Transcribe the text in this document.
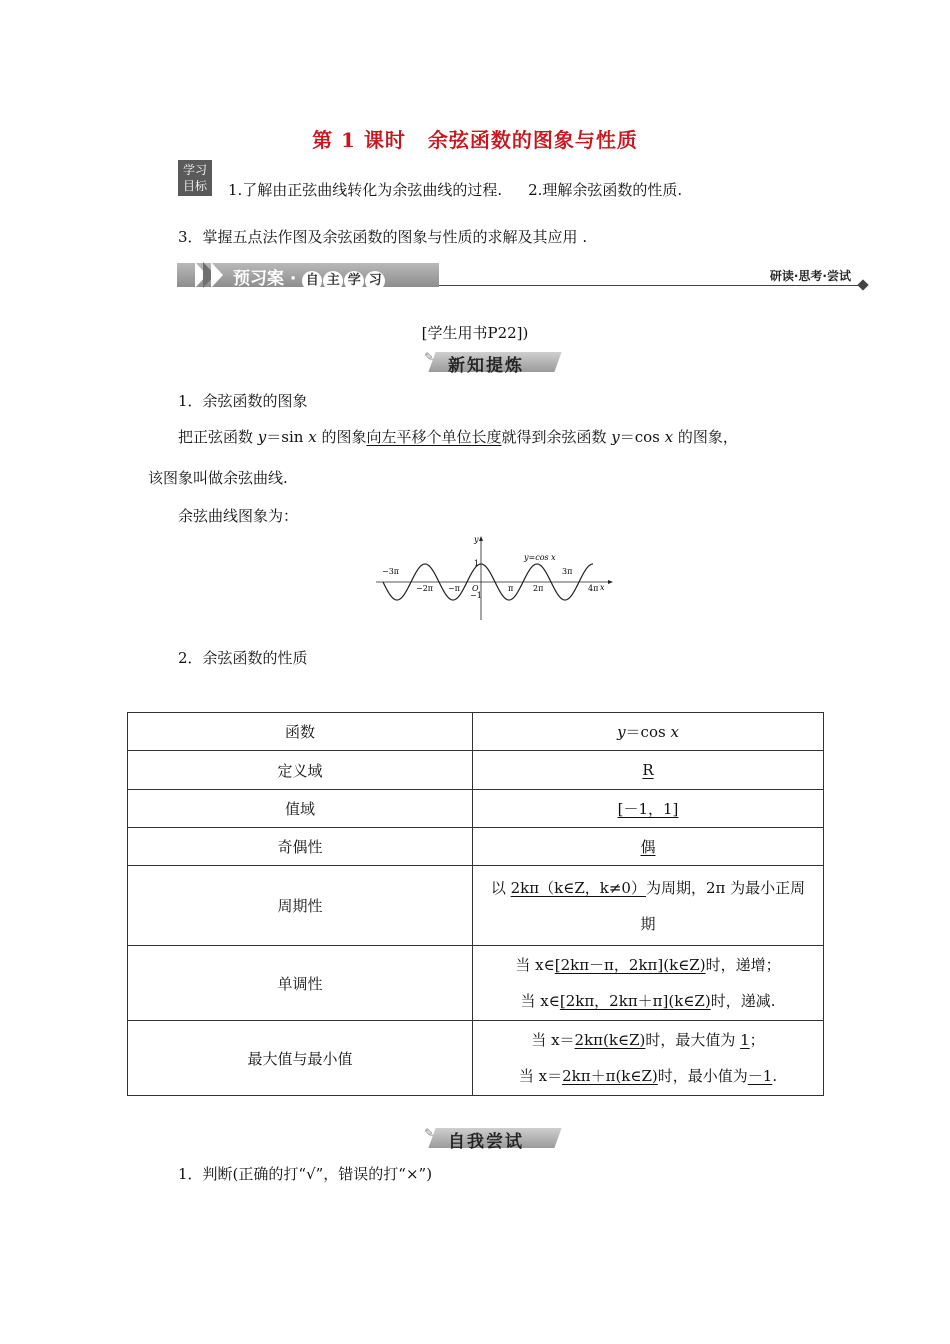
第 1 课时 余弦函数的图象与性质
学习
目标	1.了解由正弦曲线转化为余弦曲线的过程. 2.理解余弦函数的性质.
3．掌握五点法作图及余弦函数的图象与性质的求解及其应用 .
预习案 · 自 主 学 习	研读·思考·尝试
[学生用书P22])
✎ 新知提炼
1．余弦函数的图象
把正弦函数 y＝sin x 的图象向左平移个单位长度就得到余弦函数 y＝cos x 的图象，
该图象叫做余弦曲线.
余弦曲线图象为：
y
x
y=cos x
1
−1
O
−3π
−2π −π	π 2π
3π
4π
2．余弦函数的性质
函数	y＝cos x
定义域	R
值域	[－1，1]
奇偶性	偶
周期性	以 2kπ（k∈Z，k≠0）为周期，2π 为最小正周
期

单调性	当 x∈[2kπ－π，2kπ](k∈Z)时，递增；
当 x∈[2kπ，2kπ＋π](k∈Z)时，递减.

最大值与最小值	当 x＝2kπ(k∈Z)时，最大值为 1；
当 x＝2kπ＋π(k∈Z)时，最小值为－1.
✎ 自我尝试
1．判断(正确的打“√”，错误的打“×”)
